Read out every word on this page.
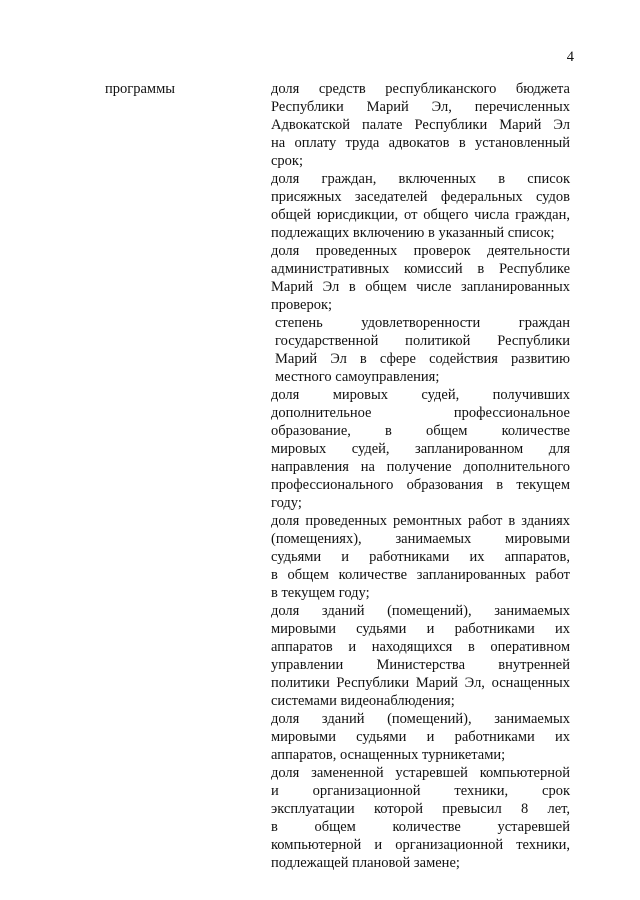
4
программы	доля средств республиканского бюджета
Республики Марий Эл, перечисленных
Адвокатской палате Республики Марий Эл
на оплату труда адвокатов в установленный
срок;
доля граждан, включенных в список
присяжных заседателей федеральных судов
общей юрисдикции, от общего числа граждан,
подлежащих включению в указанный список;
доля проведенных проверок деятельности
административных комиссий в Республике
Марий Эл в общем числе запланированных
проверок;
степень удовлетворенности граждан
государственной политикой Республики
Марий Эл в сфере содействия развитию
местного самоуправления;
доля мировых судей, получивших
дополнительное профессиональное
образование, в общем количестве
мировых судей, запланированном для
направления на получение дополнительного
профессионального образования в текущем
году;
доля проведенных ремонтных работ в зданиях
(помещениях), занимаемых мировыми
судьями и работниками их аппаратов,
в общем количестве запланированных работ
в текущем году;
доля зданий (помещений), занимаемых
мировыми судьями и работниками их
аппаратов и находящихся в оперативном
управлении Министерства внутренней
политики Республики Марий Эл, оснащенных
системами видеонаблюдения;
доля зданий (помещений), занимаемых
мировыми судьями и работниками их
аппаратов, оснащенных турникетами;
доля замененной устаревшей компьютерной
и организационной техники, срок
эксплуатации которой превысил 8 лет,
в общем количестве устаревшей
компьютерной и организационной техники,
подлежащей плановой замене;
